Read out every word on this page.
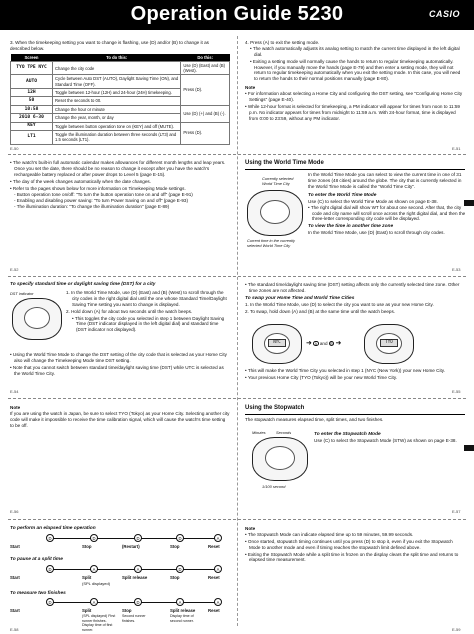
Operation Guide 5230	CASIO
3. When the timekeeping setting you want to change is flashing, use (D) and/or (B) to change it as described below.
Screen	To do this:	Do this:
TYO TPE NYC	Change the city code	Use (D) (East) and (B) (West).
AUTO	Cycle between Auto DST (AUTO), Daylight Saving Time (ON), and Standard Time (OFF).	Press (D).
12H	Toggle between 12-hour (12H) and 24-hour (24H) timekeeping.	
50	Reset the seconds to 00.	
10:58	Change the hour or minute	Use (D) (+) and (B) (-).
2010 6-30	Change the year, month, or day	
KEY	Toggle between button operation tone on (KEY) and off (MUTE).	Press (D).
LT1	Toggle the illumination duration between three seconds (LT3) and 1.5 seconds (LT1).	
E-50
4. Press (A) to exit the setting mode.
• The watch automatically adjusts its analog setting to match the current time displayed in the left digital dial.
• Exiting a setting mode will normally cause the hands to return to regular timekeeping automatically. However, if you manually move the hands (page E-79) and then enter a setting mode, they will not return to regular timekeeping automatically when you exit the setting mode. In this case, you will need to return the hands to their normal positions manually (page E-80).
Note
• For information about selecting a Home City and configuring the DST setting, see "Configuring Home City Settings" (page E-40).
• While 12-hour format is selected for timekeeping, a PM indicator will appear for times from noon to 11:59 p.m. No indicator appears for times from midnight to 11:59 a.m. With 24-hour format, time is displayed from 0:00 to 23:59, without any PM indicator.
E-51
• The watch's built-in full automatic calendar makes allowances for different month lengths and leap years. Once you set the date, there should be no reason to change it except after you have the watch's rechargeable battery replaced or after power drops to Level 5 (page E-15).
• The day of the week changes automatically when the date changes.
• Refer to the pages shown below for more information on Timekeeping Mode settings.
- Button operation tone on/off: "To turn the button operation tone on and off" (page E-91)
- Enabling and disabling power saving: "To turn Power Saving on and off" (page E-93)
- The illumination duration: "To change the illumination duration" (page E-89)
E-52
Using the World Time Mode
Currently selected World Time City
Current time in the currently selected World Time City
In the World Time Mode you can select to view the current time in one of 31 time zones (48 cities) around the globe. The city that is currently selected in the World Time Mode is called the "World Time City".
To enter the World Time Mode
Use (C) to select the World Time Mode as shown on page E-38.
• The right digital dial will show WT for about one second. After that, the city code and city name will scroll once across the right digital dial, and then the three-letter corresponding city code will be displayed.
To view the time in another time zone
In the World Time Mode, use (D) (East) to scroll through city codes.
E-53
To specify standard time or daylight saving time (DST) for a city
DST indicator	1. In the World Time Mode, use (D) (East) and (B) (West) to scroll through the city codes in the right digital dial until the one whose Standard Time/Daylight Saving Time setting you want to change is displayed.
2. Hold down (A) for about two seconds until the watch beeps.
• This toggles the city code you selected in step 1 between Daylight Saving Time (DST indicator displayed in the left digital dial) and standard time (DST indicator not displayed).
• Using the World Time Mode to change the DST setting of the city code that is selected as your Home City also will change the Timekeeping Mode time DST setting.
• Note that you cannot switch between standard time/daylight saving time (DST) while UTC is selected as the World Time City.
E-54
• The standard time/daylight saving time (DST) setting affects only the currently selected time zone. Other time zones are not affected.
To swap your Home Time and World Time Cities
1. In the World Time Mode, use (D) to select the city you want to use as your new Home City.
2. To swap, hold down (A) and (B) at the same time until the watch beeps.
NYC	➜ A and B ➜	TYO
• This will make the World Time City you selected in step 1 (NYC (New York)) your new Home City.
• Your previous Home City (TYO (Tokyo)) will be your new World Time City.
E-55
Note
If you are using the watch in Japan, be sure to select TYO (Tokyo) as your Home City. Selecting another city code will make it impossible to receive the time calibration signal, which will cause the watch's time setting to be off.
E-56
Using the Stopwatch
The stopwatch measures elapsed time, split times, and two finishes.
Minutes	Seconds
1/100 second
To enter the Stopwatch Mode
Use (C) to select the Stopwatch Mode (STW) as shown on page E-38.
E-57
To perform an elapsed time operation
D	D	D	D	A
Start	Stop	(Restart)	Stop	Reset
To pause at a split time
D	A	A	D	A
Start	Split	Split release	Stop	Reset
(SPL displayed)
To measure two finishes
D	A	D	A	A
Start	Split	Stop	Split release	Reset
(SPL displayed) First runner finishes. Display time of first runner.
Second runner finishes.
Display time of second runner.
E-58
Note
• The Stopwatch Mode can indicate elapsed time up to 59 minutes, 59.99 seconds.
• Once started, stopwatch timing continues until you press (D) to stop it, even if you exit the Stopwatch Mode to another mode and even if timing reaches the stopwatch limit defined above.
• Exiting the Stopwatch Mode while a split time is frozen on the display clears the split time and returns to elapsed time measurement.
E-59
